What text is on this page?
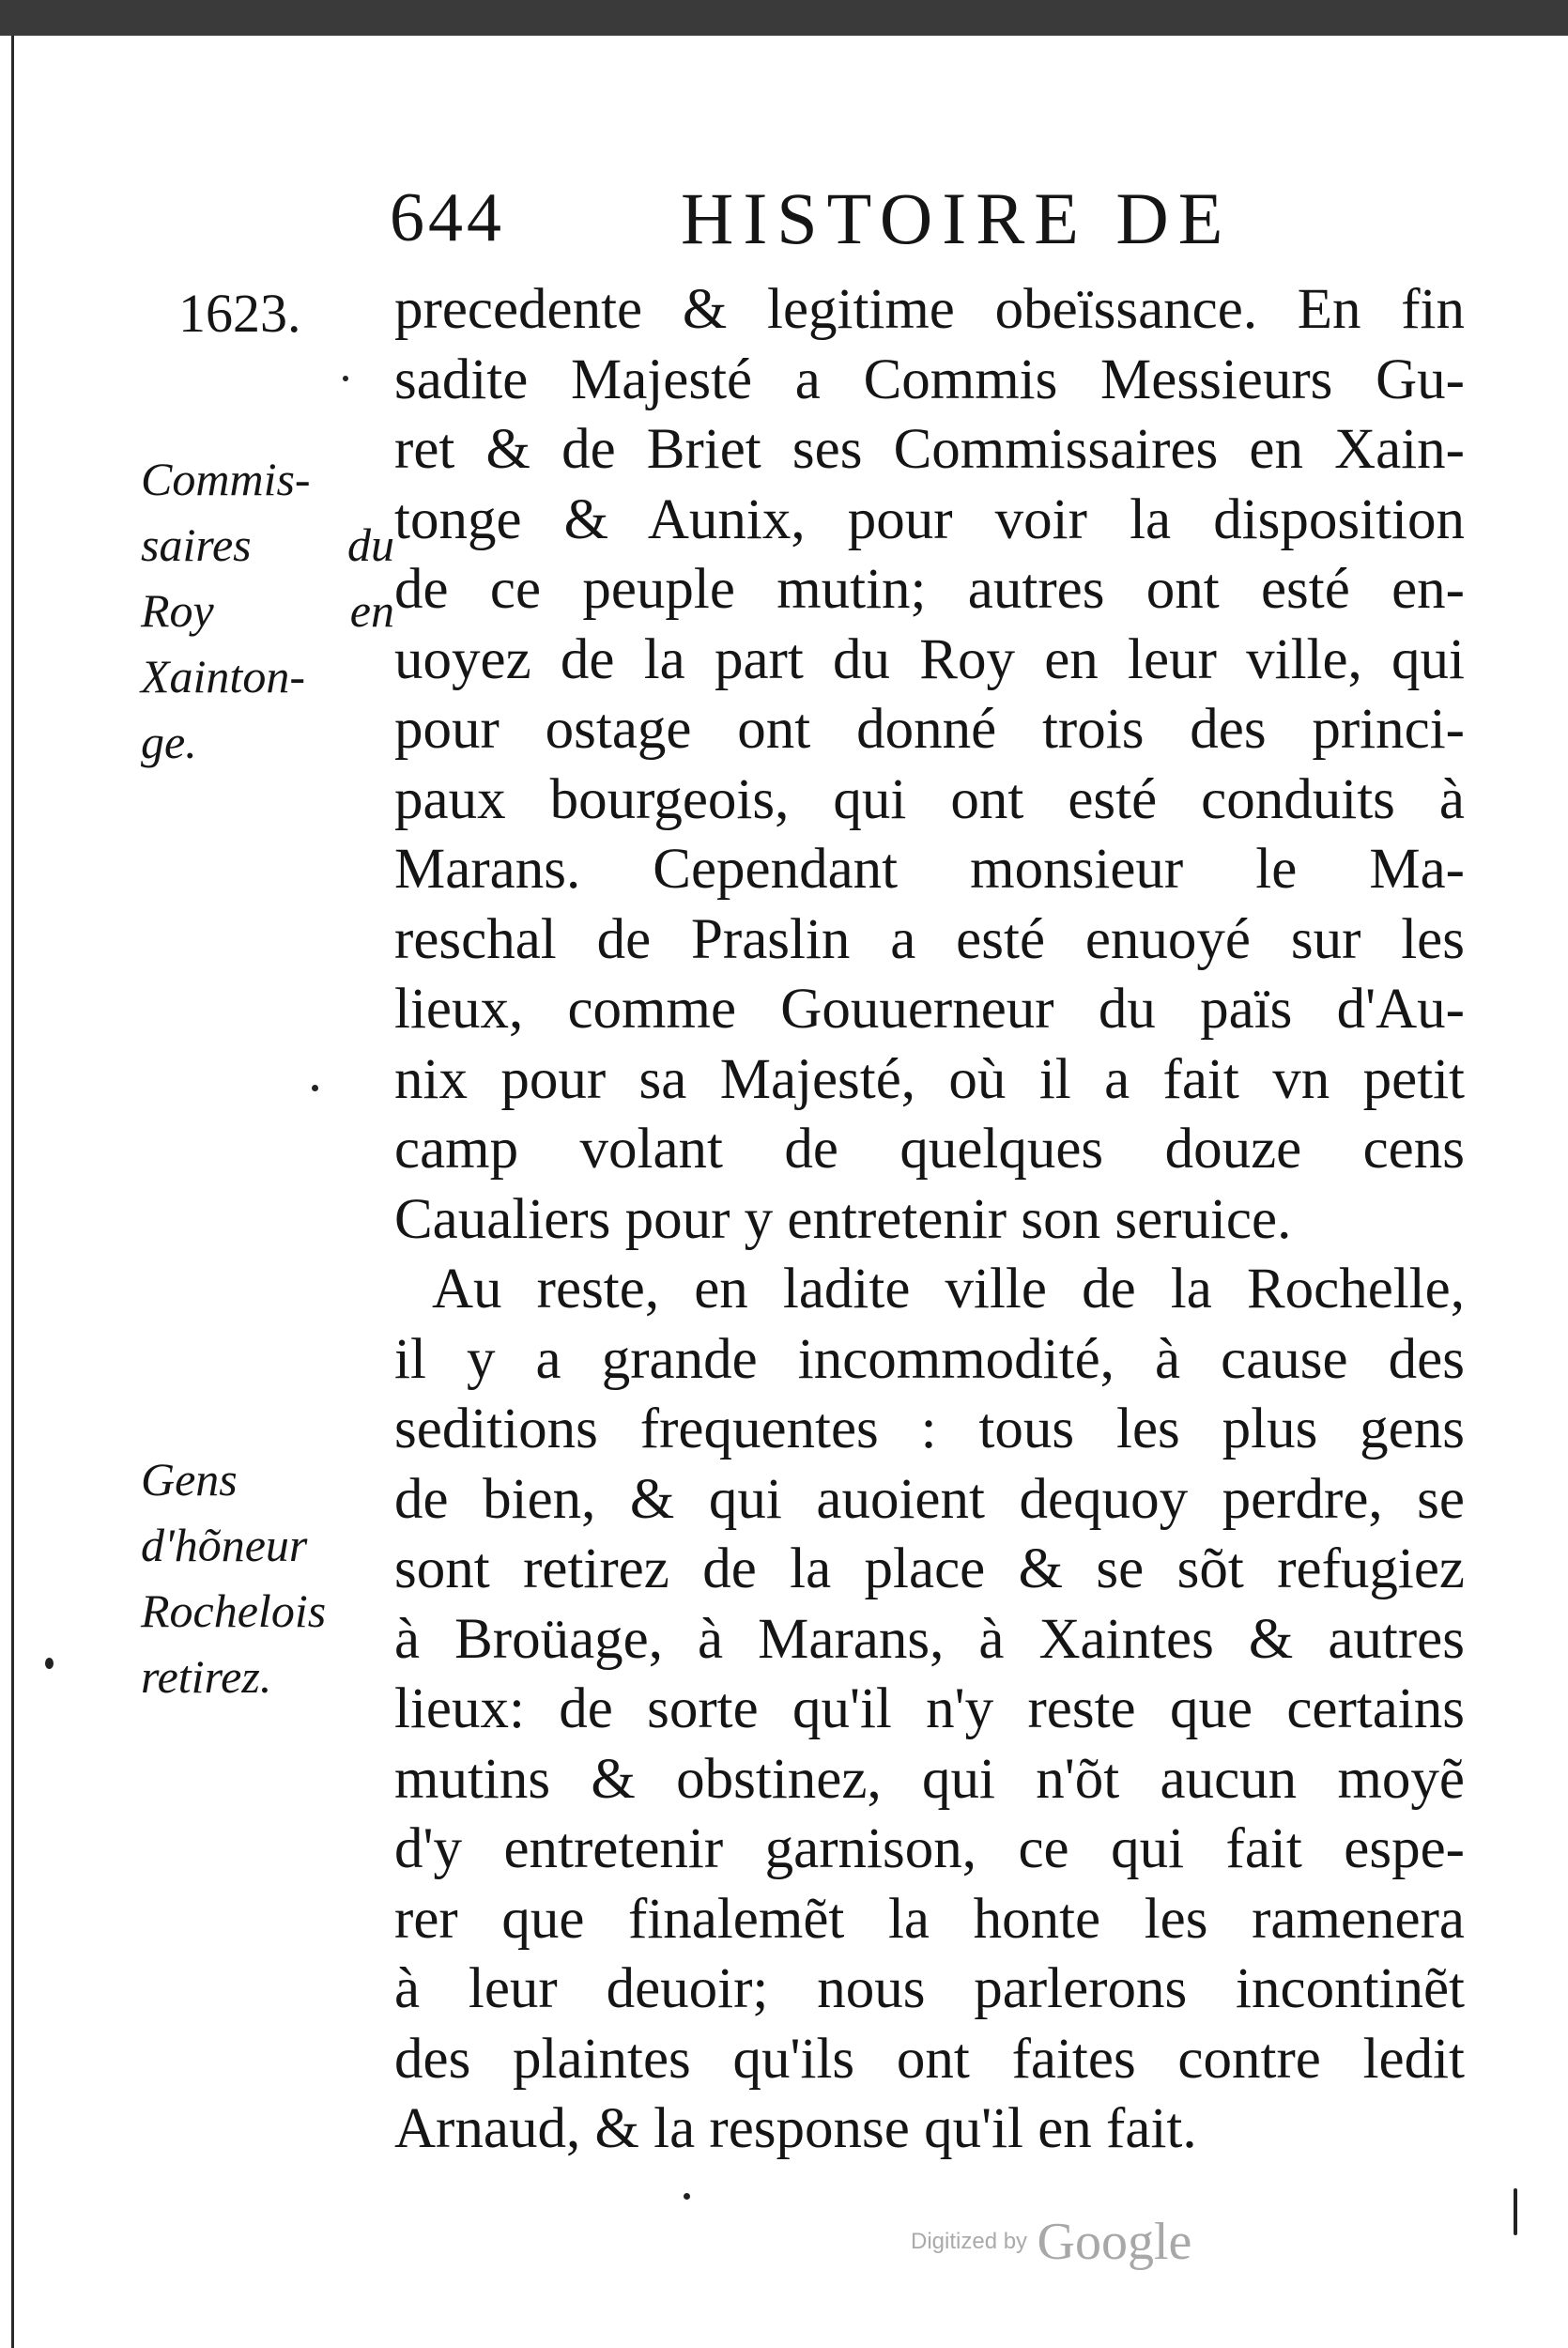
644 HISTOIRE DE
1623.
Commis-
saires du
Roy en
Xainton-
ge.
Gens
d'hõneur
Rochelois
retirez.
precedente & legitime obeïssance. En fin
sadite Majesté a Commis Messieurs Gu-
ret & de Briet ses Commissaires en Xain-
tonge & Aunix, pour voir la disposition
de ce peuple mutin; autres ont esté en-
uoyez de la part du Roy en leur ville, qui
pour ostage ont donné trois des princi-
paux bourgeois, qui ont esté conduits à
Marans. Cependant monsieur le Ma-
reschal de Praslin a esté enuoyé sur les
lieux, comme Gouuerneur du païs d'Au-
nix pour sa Majesté, où il a fait vn petit
camp volant de quelques douze cens
Caualiers pour y entretenir son seruice.
Au reste, en ladite ville de la Rochelle,
il y a grande incommodité, à cause des
seditions frequentes : tous les plus gens
de bien, & qui auoient dequoy perdre, se
sont retirez de la place & se sõt refugiez
à Broüage, à Marans, à Xaintes & autres
lieux: de sorte qu'il n'y reste que certains
mutins & obstinez, qui n'õt aucun moyẽ
d'y entretenir garnison, ce qui fait espe-
rer que finalemẽt la honte les ramenera
à leur deuoir; nous parlerons incontinẽt
des plaintes qu'ils ont faites contre ledit
Arnaud, & la response qu'il en fait.
Digitized by Google
